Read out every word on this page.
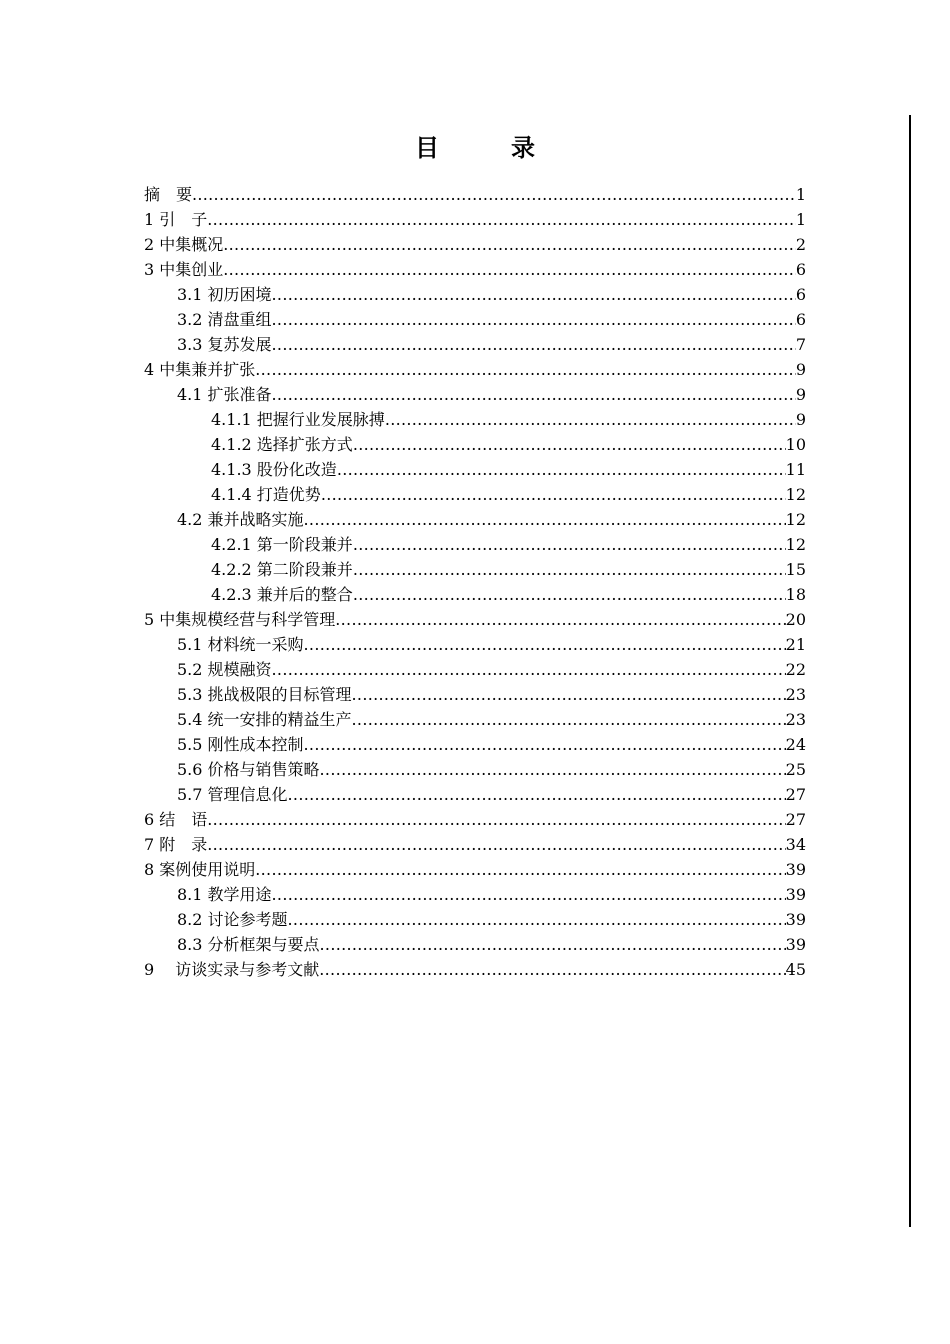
目　录
摘　要 .....	1
1 引　子 .....	1
2 中集概况 .....	2
3 中集创业 .....	6
3.1 初历困境 .....	6
3.2 清盘重组 .....	6
3.3 复苏发展 .....	7
4 中集兼并扩张 .....	9
4.1 扩张准备 .....	9
4.1.1 把握行业发展脉搏 .....	9
4.1.2 选择扩张方式 .....	10
4.1.3 股份化改造 .....	11
4.1.4 打造优势 .....	12
4.2 兼并战略实施 .....	12
4.2.1 第一阶段兼并 .....	12
4.2.2 第二阶段兼并 .....	15
4.2.3 兼并后的整合 .....	18
5 中集规模经营与科学管理 .....	20
5.1 材料统一采购 .....	21
5.2 规模融资 .....	22
5.3 挑战极限的目标管理 .....	23
5.4 统一安排的精益生产 .....	23
5.5 刚性成本控制 .....	24
5.6 价格与销售策略 .....	25
5.7 管理信息化 .....	27
6 结　语 .....	27
7 附　录 .....	34
8 案例使用说明 .....	39
8.1 教学用途 .....	39
8.2 讨论参考题 .....	39
8.3 分析框架与要点 .....	39
9　 访谈实录与参考文献 .....	45
